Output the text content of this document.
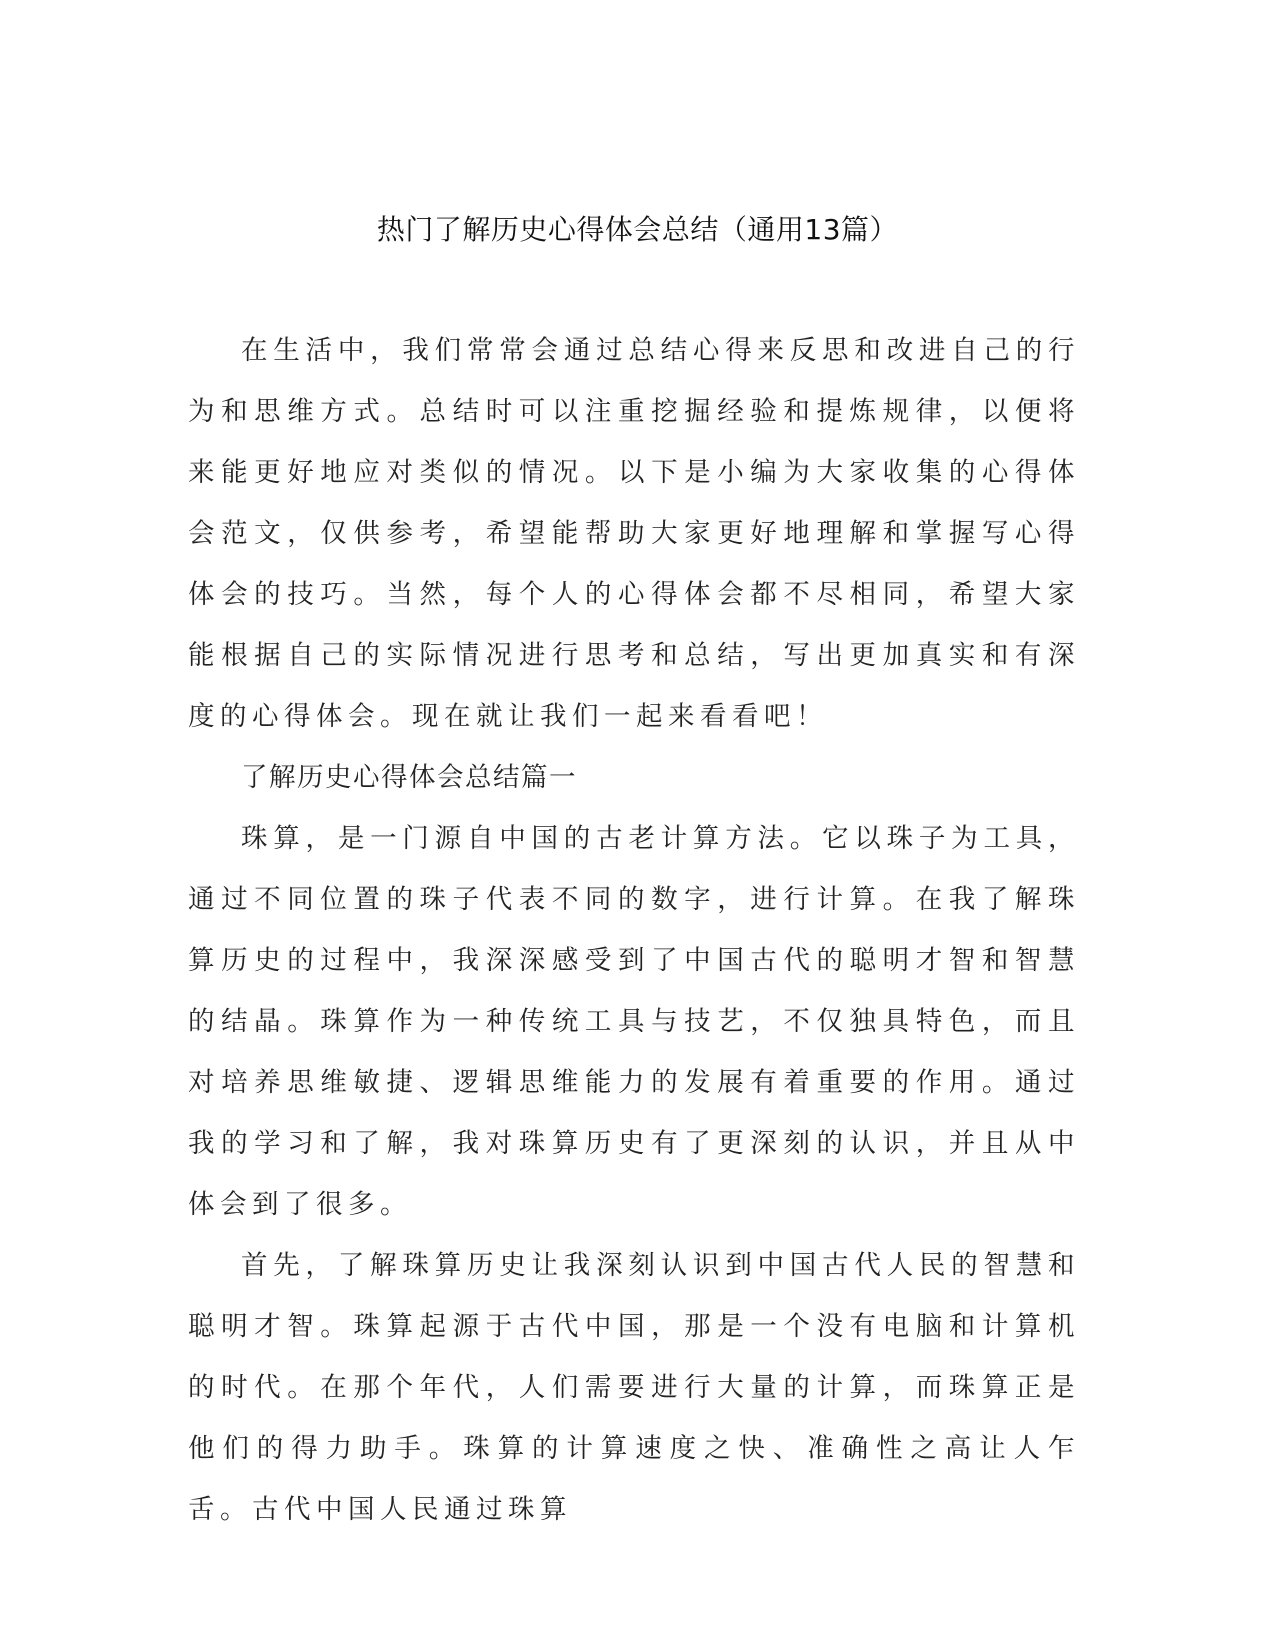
热门了解历史心得体会总结（通用13篇）

在生活中，我们常常会通过总结心得来反思和改进自己的行为和思维方式。总结时可以注重挖掘经验和提炼规律，以便将来能更好地应对类似的情况。以下是小编为大家收集的心得体会范文，仅供参考，希望能帮助大家更好地理解和掌握写心得体会的技巧。当然，每个人的心得体会都不尽相同，希望大家能根据自己的实际情况进行思考和总结，写出更加真实和有深度的心得体会。现在就让我们一起来看看吧！

了解历史心得体会总结篇一

珠算，是一门源自中国的古老计算方法。它以珠子为工具，通过不同位置的珠子代表不同的数字，进行计算。在我了解珠算历史的过程中，我深深感受到了中国古代的聪明才智和智慧的结晶。珠算作为一种传统工具与技艺，不仅独具特色，而且对培养思维敏捷、逻辑思维能力的发展有着重要的作用。通过我的学习和了解，我对珠算历史有了更深刻的认识，并且从中体会到了很多。

首先，了解珠算历史让我深刻认识到中国古代人民的智慧和聪明才智。珠算起源于古代中国，那是一个没有电脑和计算机的时代。在那个年代，人们需要进行大量的计算，而珠算正是他们的得力助手。珠算的计算速度之快、准确性之高让人乍舌。古代中国人民通过珠算
